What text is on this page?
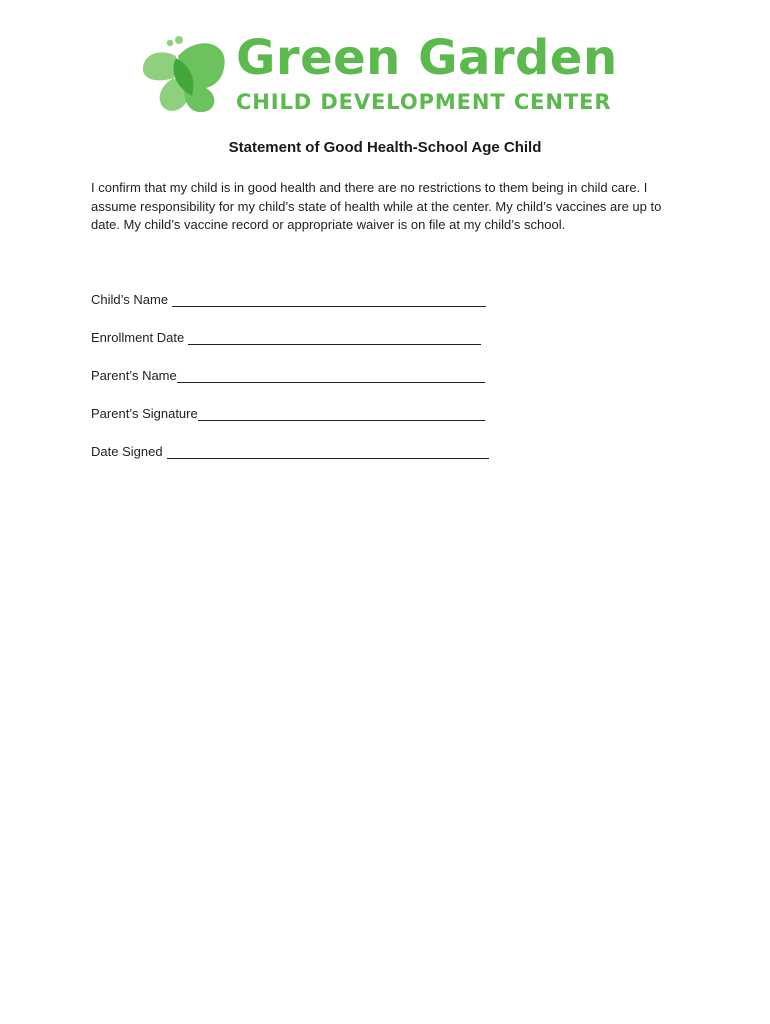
Green Garden
CHILD DEVELOPMENT CENTER
Statement of Good Health-School Age Child
I confirm that my child is in good health and there are no restrictions to them being in child care. I assume responsibility for my child’s state of health while at the center. My child’s vaccines are up to date. My child’s vaccine record or appropriate waiver is on file at my child’s school.
Child’s Name
Enrollment Date
Parent’s Name
Parent’s Signature
Date Signed
